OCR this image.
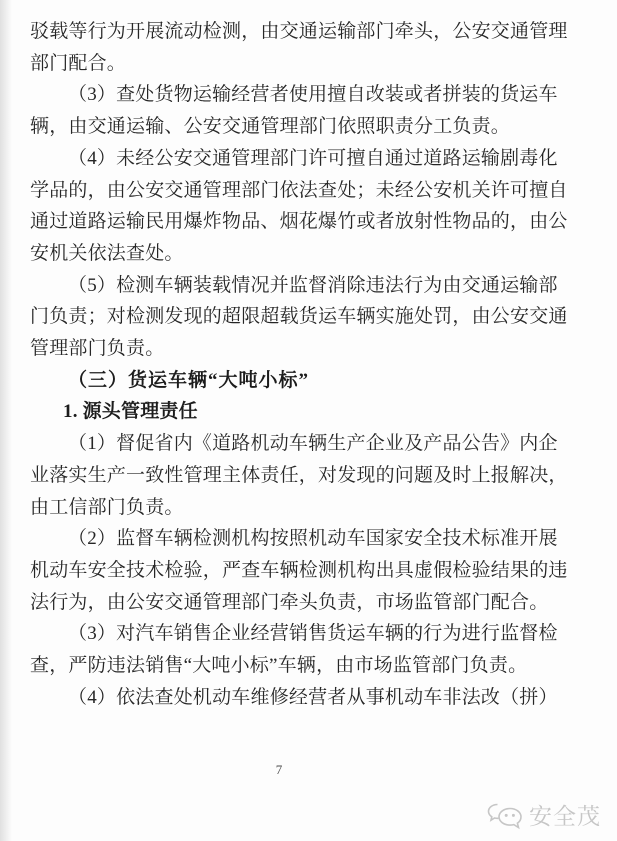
驳载等行为开展流动检测，由交通运输部门牵头，公安交通管理
部门配合。
（3）查处货物运输经营者使用擅自改装或者拼装的货运车
辆，由交通运输、公安交通管理部门依照职责分工负责。
（4）未经公安交通管理部门许可擅自通过道路运输剧毒化
学品的，由公安交通管理部门依法查处；未经公安机关许可擅自
通过道路运输民用爆炸物品、烟花爆竹或者放射性物品的，由公
安机关依法查处。
（5）检测车辆装载情况并监督消除违法行为由交通运输部
门负责；对检测发现的超限超载货运车辆实施处罚，由公安交通
管理部门负责。
（三）货运车辆“大吨小标”
1. 源头管理责任
（1）督促省内《道路机动车辆生产企业及产品公告》内企
业落实生产一致性管理主体责任，对发现的问题及时上报解决，
由工信部门负责。
（2）监督车辆检测机构按照机动车国家安全技术标准开展
机动车安全技术检验，严查车辆检测机构出具虚假检验结果的违
法行为，由公安交通管理部门牵头负责，市场监管部门配合。
（3）对汽车销售企业经营销售货运车辆的行为进行监督检
查，严防违法销售“大吨小标”车辆，由市场监管部门负责。
（4）依法查处机动车维修经营者从事机动车非法改（拼）
7
安全茂
